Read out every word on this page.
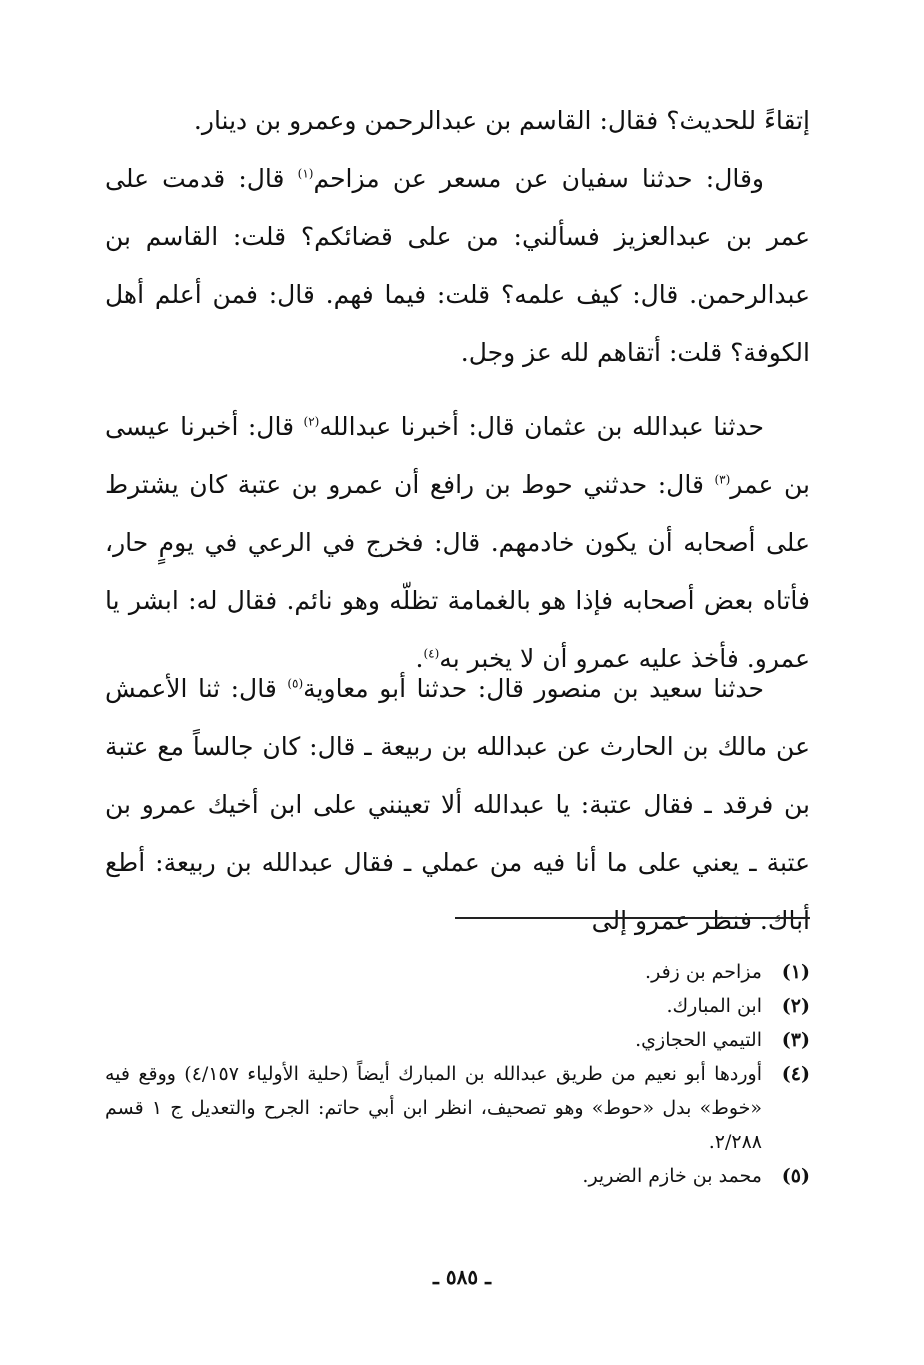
إتقاءً للحديث؟ فقال: القاسم بن عبدالرحمن وعمرو بن دينار.

وقال: حدثنا سفيان عن مسعر عن مزاحم$^{(١)}$ قال: قدمت على عمر بن عبدالعزيز فسألني: من على قضائكم؟ قلت: القاسم بن عبدالرحمن. قال: كيف علمه؟ قلت: فيما فهم. قال: فمن أعلم أهل الكوفة؟ قلت: أتقاهم لله عز وجل.

حدثنا عبدالله بن عثمان قال: أخبرنا عبدالله$^{(٢)}$ قال: أخبرنا عيسى بن عمر$^{(٣)}$ قال: حدثني حوط بن رافع أن عمرو بن عتبة كان يشترط على أصحابه أن يكون خادمهم. قال: فخرج في الرعي في يومٍ حار، فأتاه بعض أصحابه فإذا هو بالغمامة تظلّه وهو نائم. فقال له: ابشر يا عمرو. فأخذ عليه عمرو أن لا يخبر به$^{(٤)}$.

حدثنا سعيد بن منصور قال: حدثنا أبو معاوية$^{(٥)}$ قال: ثنا الأعمش عن مالك بن الحارث عن عبدالله بن ربيعة ـ قال: كان جالساً مع عتبة بن فرقد ـ فقال عتبة: يا عبدالله ألا تعينني على ابن أخيك عمرو بن عتبة ـ يعني على ما أنا فيه من عملي ـ فقال عبدالله بن ربيعة: أطع أباك. فنظر عمرو إلى

(١)
مزاحم بن زفر.
(٢)
ابن المبارك.
(٣)
التيمي الحجازي.
(٤)
أوردها أبو نعيم من طريق عبدالله بن المبارك أيضاً (حلية الأولياء ٤/١٥٧) ووقع فيه «خوط» بدل «حوط» وهو تصحيف، انظر ابن أبي حاتم: الجرح والتعديل ج ١ قسم ٢/٢٨٨.
(٥)
محمد بن خازم الضرير.
ـ ٥٨٥ ـ
